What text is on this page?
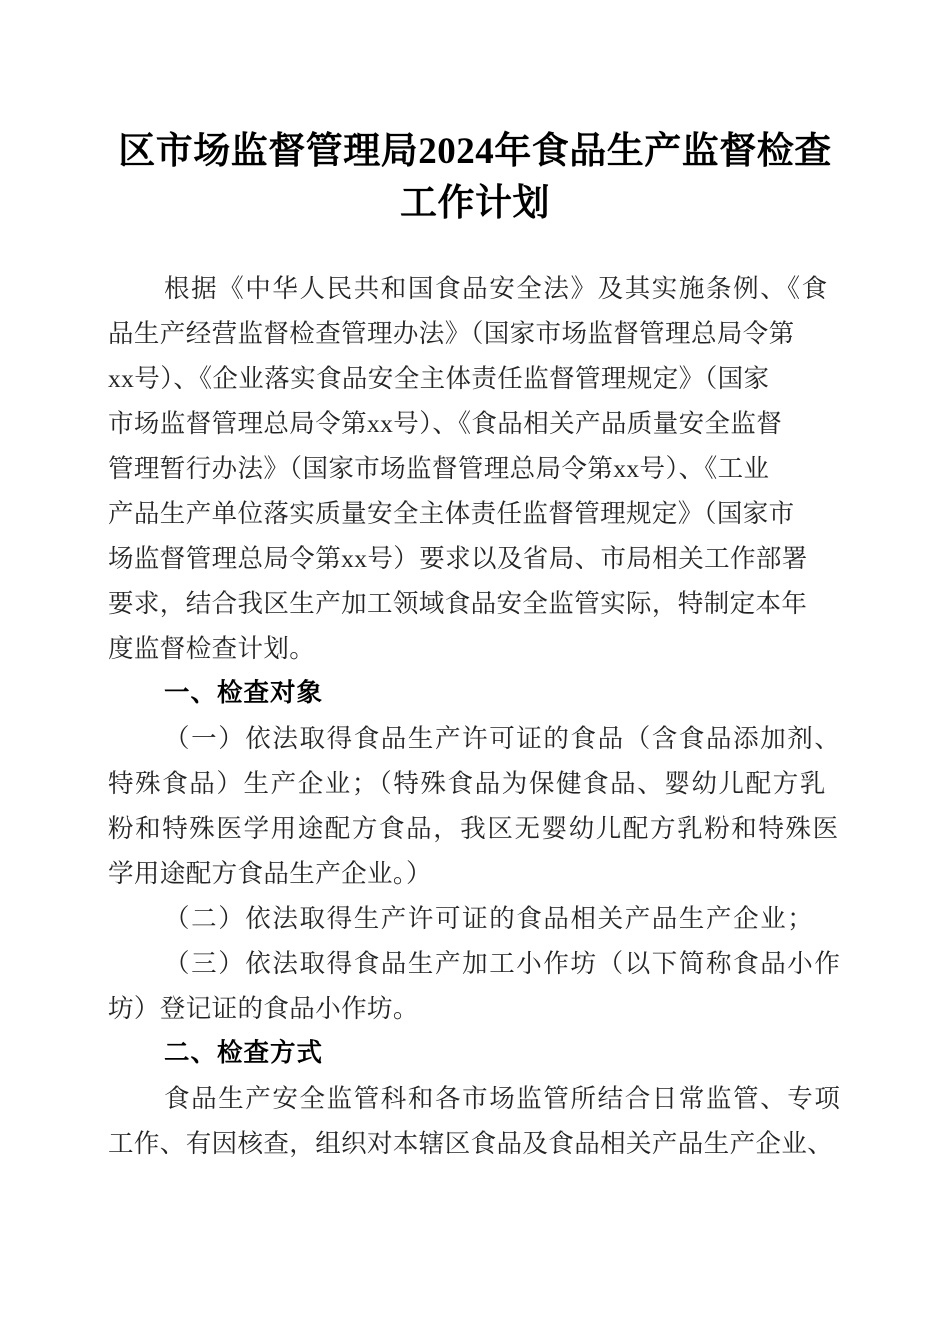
区市场监督管理局2024年食品生产监督检查
工作计划

根据《中华人民共和国食品安全法》及其实施条例、《食
品生产经营监督检查管理办法》（国家市场监督管理总局令第
xx号）、《企业落实食品安全主体责任监督管理规定》（国家
市场监督管理总局令第xx号）、《食品相关产品质量安全监督
管理暂行办法》（国家市场监督管理总局令第xx号）、《工业
产品生产单位落实质量安全主体责任监督管理规定》（国家市
场监督管理总局令第xx号）要求以及省局、市局相关工作部署
要求，结合我区生产加工领域食品安全监管实际，特制定本年
度监督检查计划。

一、检查对象

（一）依法取得食品生产许可证的食品（含食品添加剂、
特殊食品）生产企业；（特殊食品为保健食品、婴幼儿配方乳
粉和特殊医学用途配方食品，我区无婴幼儿配方乳粉和特殊医
学用途配方食品生产企业。）

（二）依法取得生产许可证的食品相关产品生产企业；

（三）依法取得食品生产加工小作坊（以下简称食品小作
坊）登记证的食品小作坊。

二、检查方式

食品生产安全监管科和各市场监管所结合日常监管、专项
工作、有因核查，组织对本辖区食品及食品相关产品生产企业、
